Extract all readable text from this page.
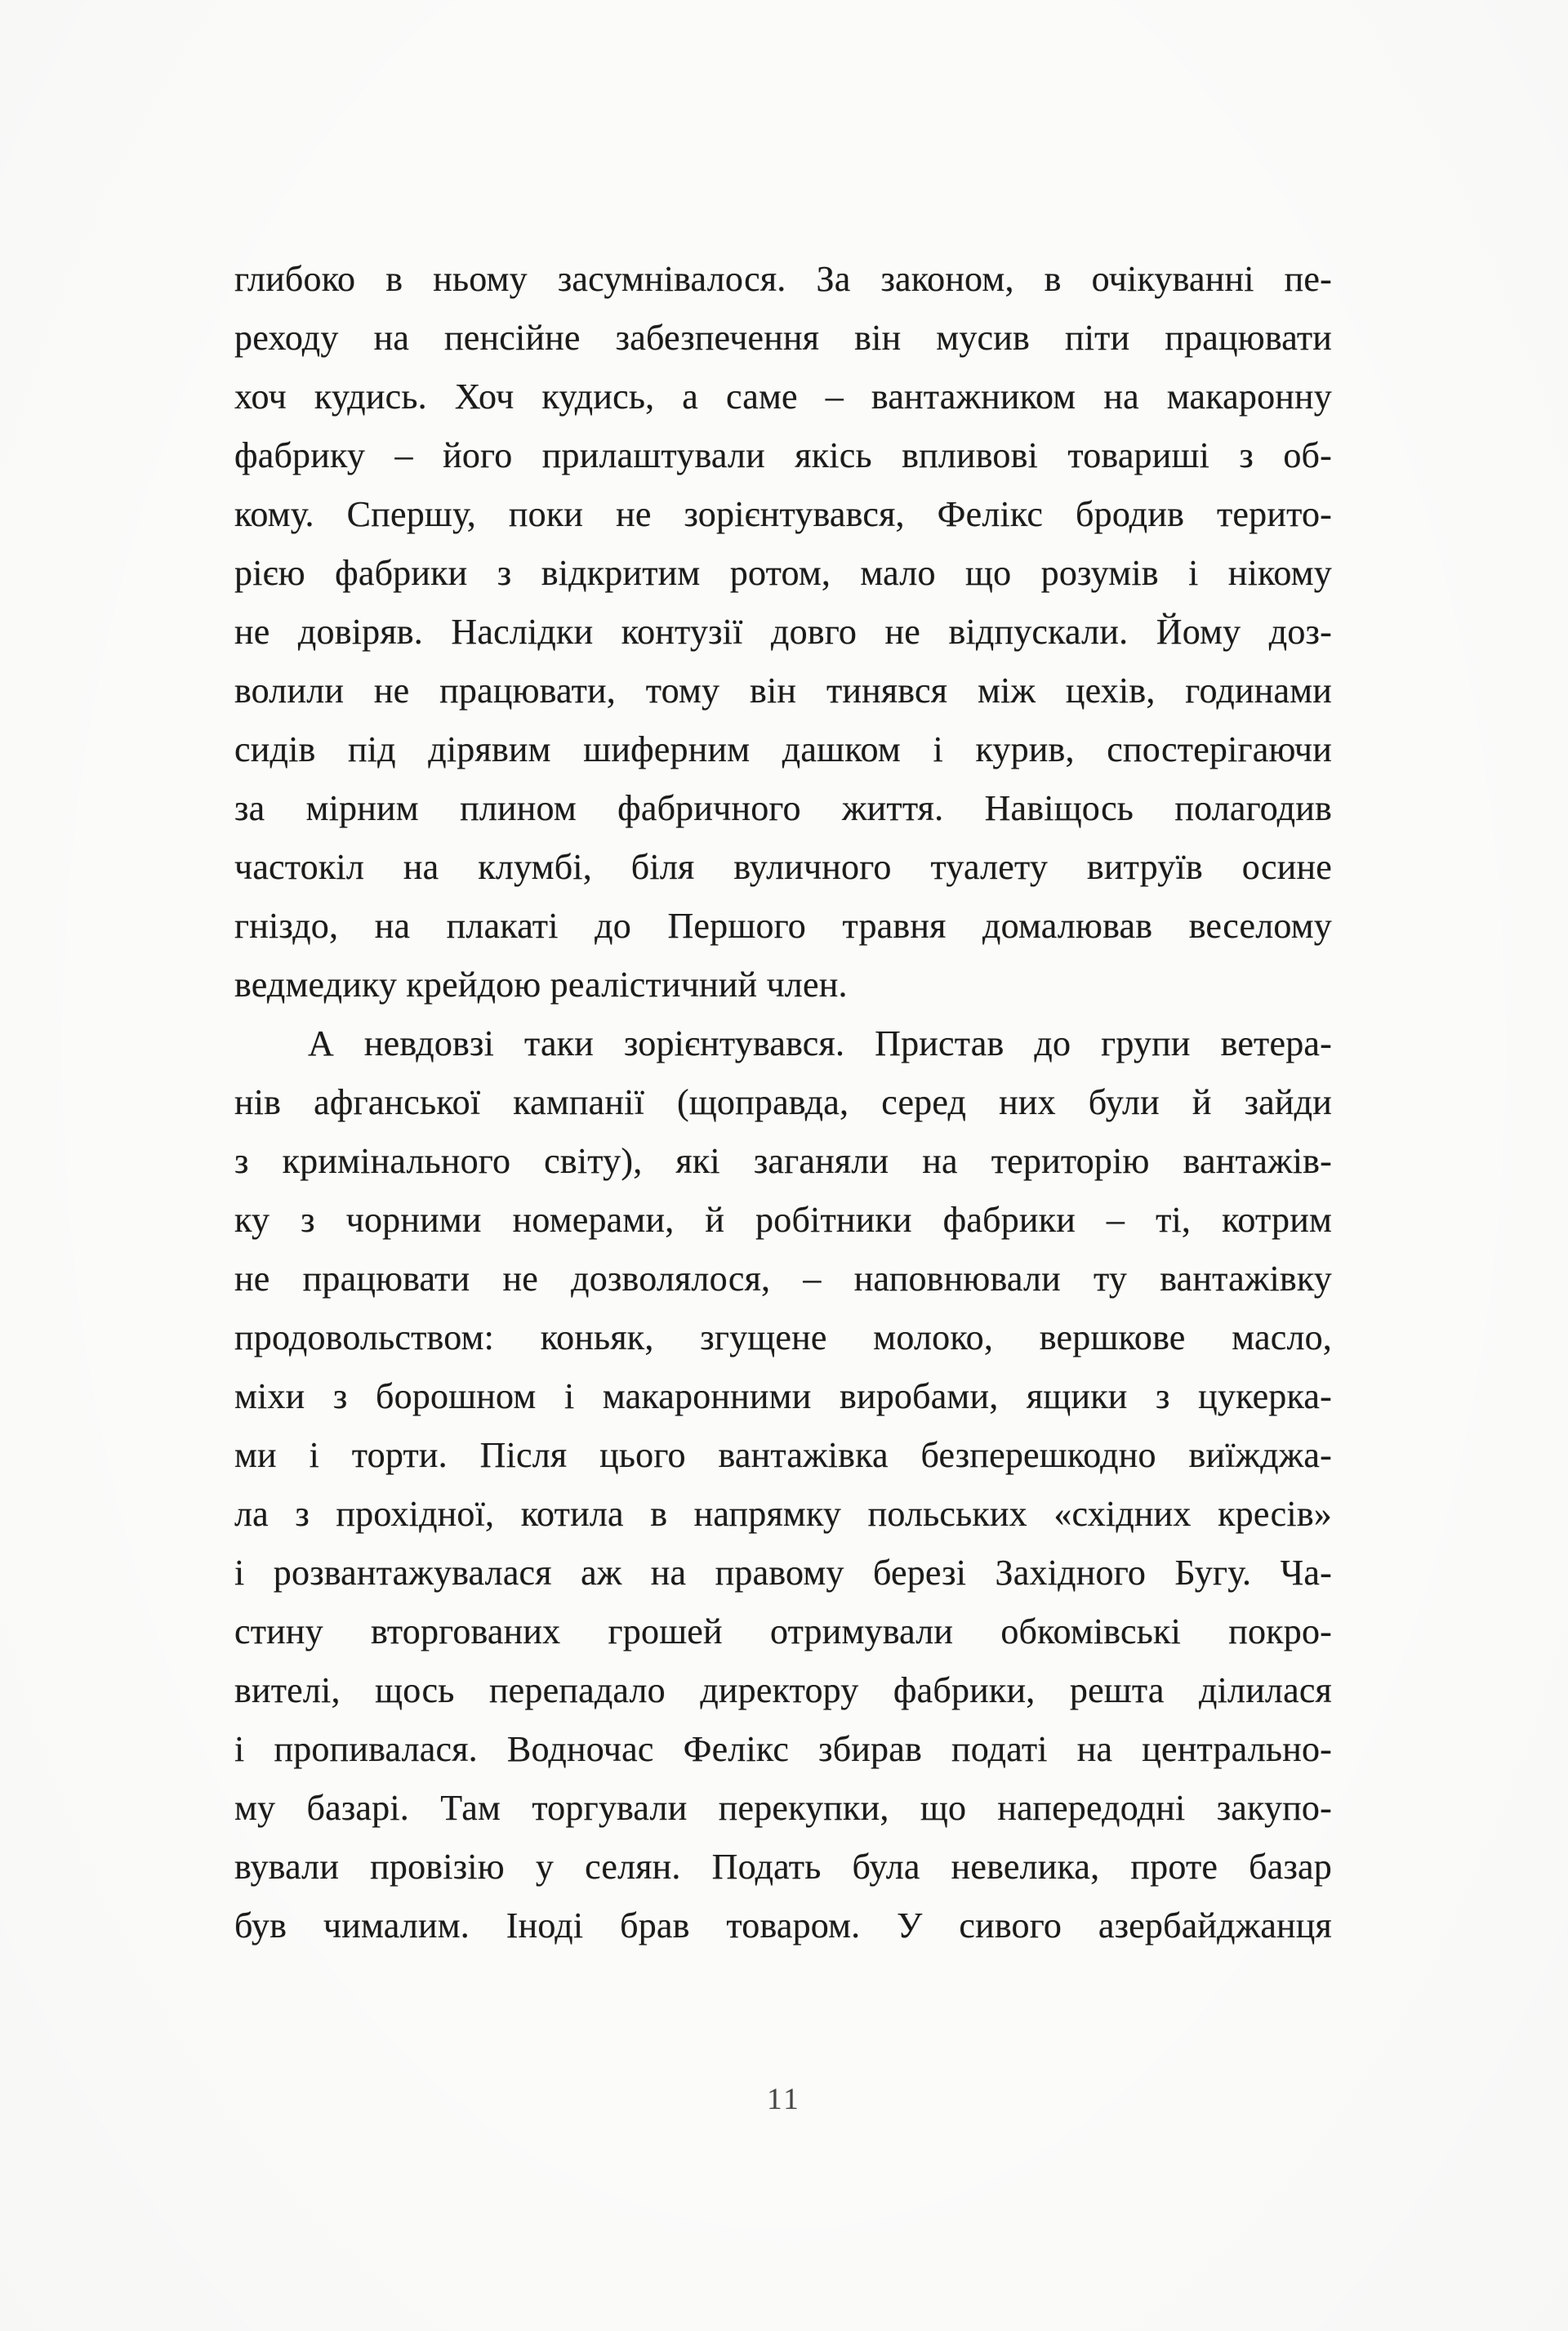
глибоко в ньому засумнівалося. За законом, в очікуванні пе-
реходу на пенсійне забезпечення він мусив піти працювати
хоч кудись. Хоч кудись, а саме – вантажником на макаронну
фабрику – його прилаштували якісь впливові товариші з об-
кому. Спершу, поки не зорієнтувався, Фелікс бродив терито-
рією фабрики з відкритим ротом, мало що розумів і нікому
не довіряв. Наслідки контузії довго не відпускали. Йому доз-
волили не працювати, тому він тинявся між цехів, годинами
сидів під дірявим шиферним дашком і курив, спостерігаючи
за мірним плином фабричного життя. Навіщось полагодив
частокіл на клумбі, біля вуличного туалету витруїв осине
гніздо, на плакаті до Першого травня домалював веселому
ведмедику крейдою реалістичний член.
А невдовзі таки зорієнтувався. Пристав до групи ветера-
нів афганської кампанії (щоправда, серед них були й зайди
з кримінального світу), які заганяли на територію вантажів-
ку з чорними номерами, й робітники фабрики – ті, котрим
не працювати не дозволялося, – наповнювали ту вантажівку
продовольством: коньяк, згущене молоко, вершкове масло,
міхи з борошном і макаронними виробами, ящики з цукерка-
ми і торти. Після цього вантажівка безперешкодно виїжджа-
ла з прохідної, котила в напрямку польських «східних кресів»
і розвантажувалася аж на правому березі Західного Бугу. Ча-
стину вторгованих грошей отримували обкомівські покро-
вителі, щось перепадало директору фабрики, решта ділилася
і пропивалася. Водночас Фелікс збирав податі на центрально-
му базарі. Там торгували перекупки, що напередодні закупо-
вували провізію у селян. Подать була невелика, проте базар
був чималим. Іноді брав товаром. У сивого азербайджанця
11
